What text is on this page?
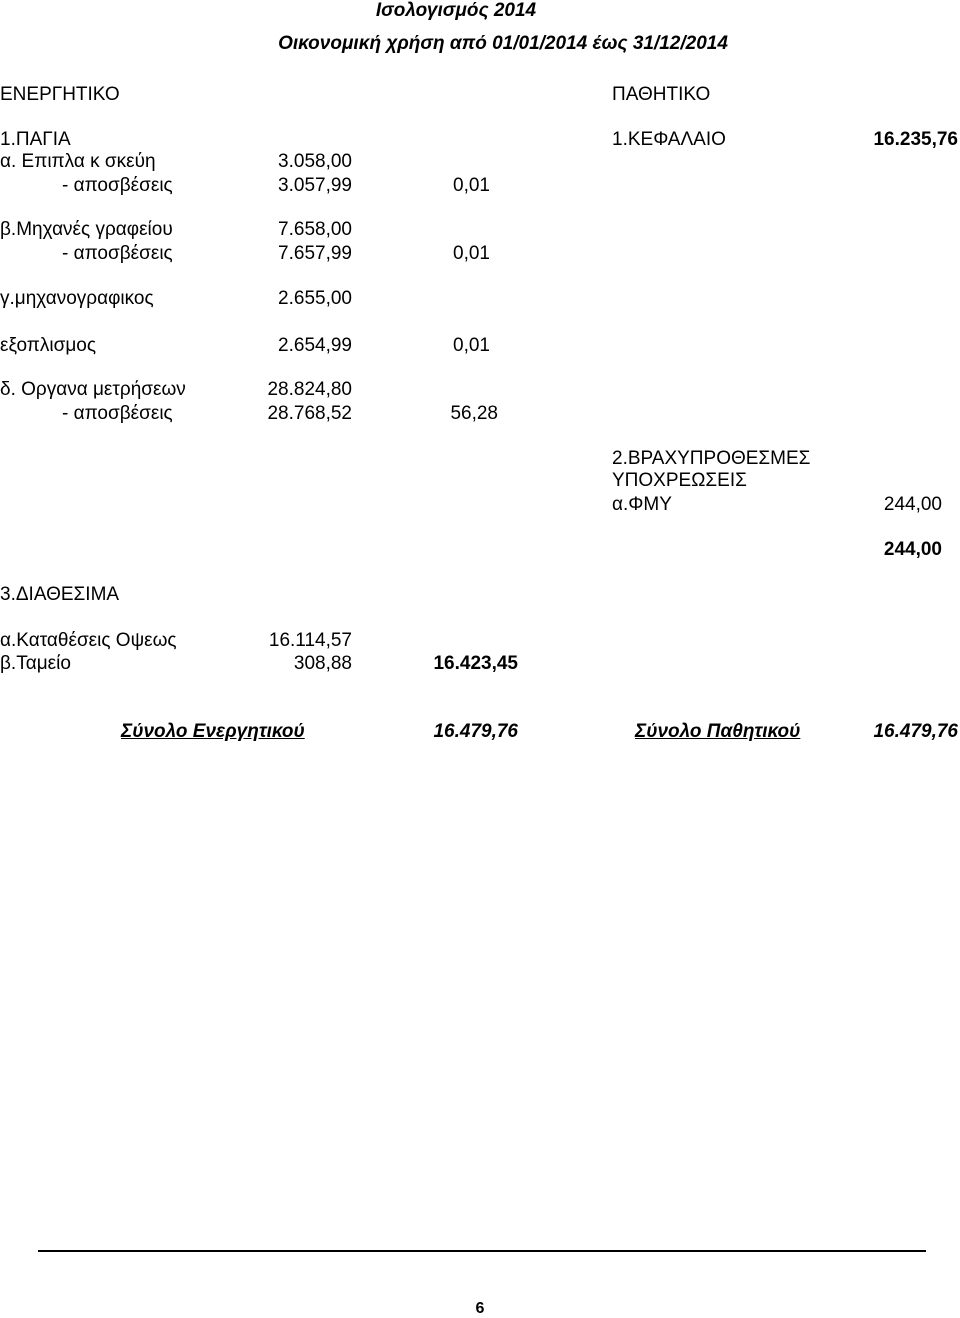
Ισολογισμός 2014
Οικονομική χρήση από 01/01/2014 έως 31/12/2014
ΕΝΕΡΓΗΤΙΚΟ	ΠΑΘΗΤΙΚΟ
1.ΠΑΓΙΑ	1.ΚΕΦΑΛΑΙΟ	16.235,76
α. Επιπλα κ σκεύη	3.058,00
- αποσβέσεις	3.057,99	0,01
β.Μηχανές γραφείου	7.658,00
- αποσβέσεις	7.657,99	0,01
γ.μηχανογραφικος	2.655,00
εξοπλισμος	2.654,99	0,01
δ. Οργανα μετρήσεων	28.824,80
- αποσβέσεις	28.768,52	56,28
2.ΒΡΑΧΥΠΡΟΘΕΣΜΕΣ
ΥΠΟΧΡΕΩΣΕΙΣ
α.ΦΜΥ	244,00
244,00
3.ΔΙΑΘΕΣΙΜΑ
α.Καταθέσεις Οψεως	16.114,57
β.Ταμείο	308,88	16.423,45
Σύνολο Ενεργητικού	16.479,76	Σύνολο Παθητικού	16.479,76
6
